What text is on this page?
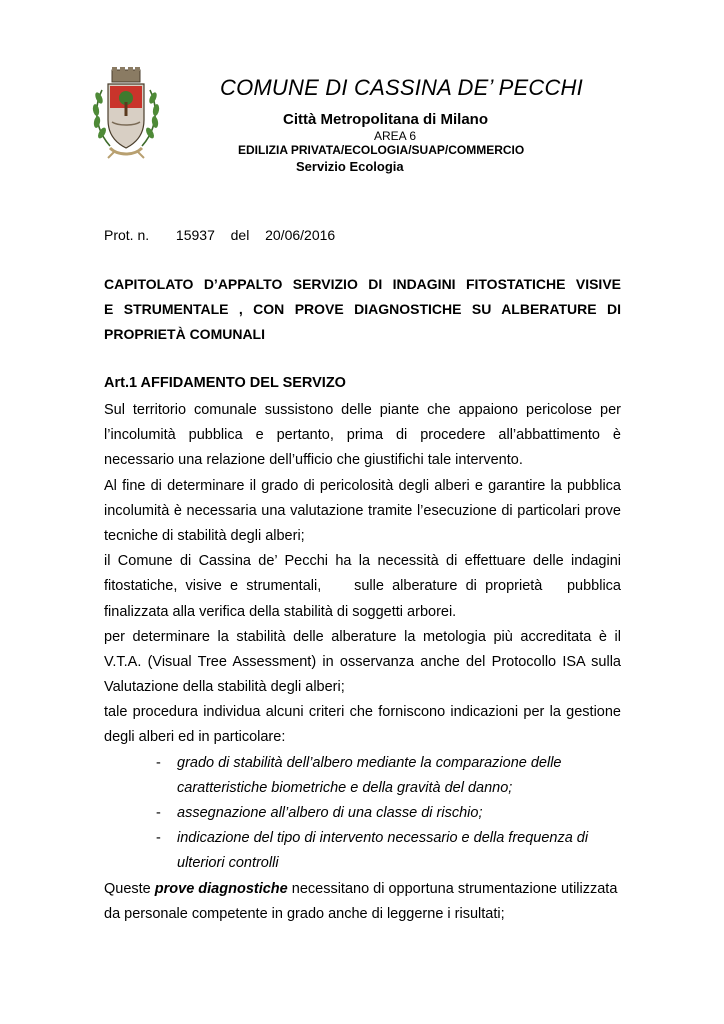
COMUNE DI CASSINA DE’ PECCHI
Città Metropolitana di Milano
AREA 6
EDILIZIA PRIVATA/ECOLOGIA/SUAP/COMMERCIO
Servizio Ecologia
Prot. n. 15937 del 20/06/2016
CAPITOLATO D’APPALTO SERVIZIO DI INDAGINI FITOSTATICHE VISIVE
E STRUMENTALE , CON PROVE DIAGNOSTICHE SU ALBERATURE DI
PROPRIETÀ COMUNALI
Art.1 AFFIDAMENTO DEL SERVIZO
Sul territorio comunale sussistono delle piante che appaiono pericolose per
l’incolumità pubblica e pertanto, prima di procedere all’abbattimento è
necessario una relazione dell’ufficio che giustifichi tale intervento.
Al fine di determinare il grado di pericolosità degli alberi e garantire la pubblica
incolumità è necessaria una valutazione tramite l’esecuzione di particolari prove
tecniche di stabilità degli alberi;
il Comune di Cassina de’ Pecchi ha la necessità di effettuare delle indagini
fitostatiche, visive e strumentali,    sulle alberature di proprietà   pubblica
finalizzata alla verifica della stabilità di soggetti arborei.
per determinare la stabilità delle alberature la metologia più accreditata è il
V.T.A. (Visual Tree Assessment) in osservanza anche del Protocollo ISA sulla
Valutazione della stabilità degli alberi;
tale procedura individua alcuni criteri che forniscono indicazioni per la gestione
degli alberi ed in particolare:
- grado di stabilità dell’albero mediante la comparazione delle
caratteristiche biometriche e della gravità del danno;
- assegnazione all’albero di una classe di rischio;
- indicazione del tipo di intervento necessario e della frequenza di
ulteriori controlli
Queste prove diagnostiche necessitano di opportuna strumentazione utilizzata
da personale competente in grado anche di leggerne i risultati;
